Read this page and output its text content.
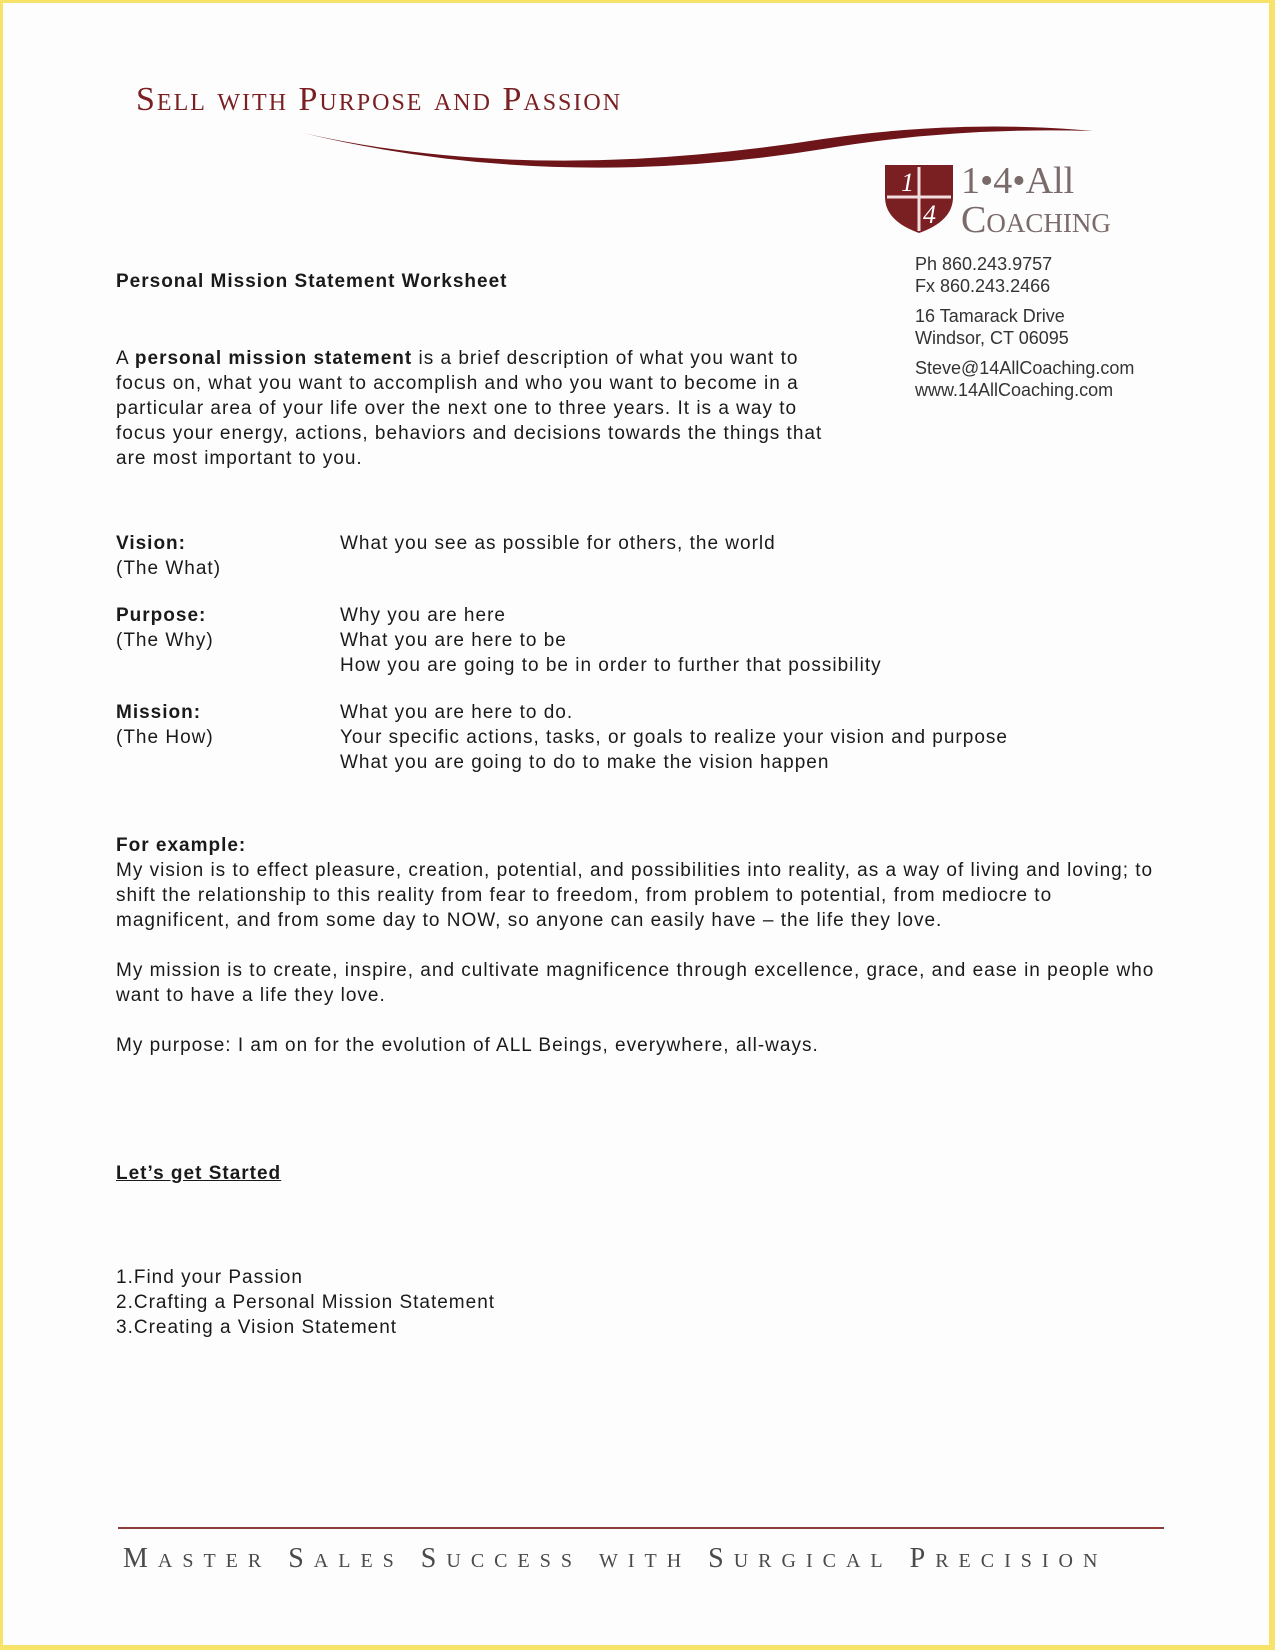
Sell with Purpose and Passion
1
4
1•4•All
Coaching
Ph 860.243.9757
Fx 860.243.2466
16 Tamarack Drive
Windsor, CT 06095
Steve@14AllCoaching.com
www.14AllCoaching.com
Personal Mission Statement Worksheet
A personal mission statement is a brief description of what you want to focus on, what you want to accomplish and who you want to become in a particular area of your life over the next one to three years. It is a way to focus your energy, actions, behaviors and decisions towards the things that are most important to you.
Vision:
(The What)
What you see as possible for others, the world
Purpose:
(The Why)
Why you are here
What you are here to be
How you are going to be in order to further that possibility
Mission:
(The How)
What you are here to do.
Your specific actions, tasks, or goals to realize your vision and purpose
What you are going to do to make the vision happen
For example:

My vision is to effect pleasure, creation, potential, and possibilities into reality, as a way of living and loving; to shift the relationship to this reality from fear to freedom, from problem to potential, from mediocre to magnificent, and from some day to NOW, so anyone can easily have – the life they love.

My mission is to create, inspire, and cultivate magnificence through excellence, grace, and ease in people who want to have a life they love.

My purpose: I am on for the evolution of ALL Beings, everywhere, all-ways.

Let’s get Started
1.Find your Passion
2.Crafting a Personal Mission Statement
3.Creating a Vision Statement
Master Sales Success with Surgical Precision
